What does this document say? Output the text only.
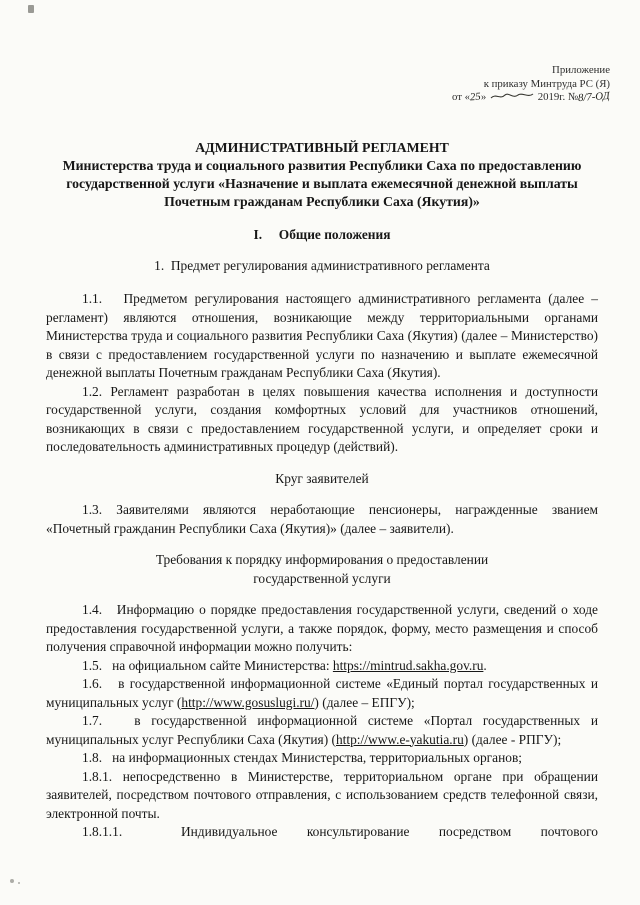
Приложение
к приказу Минтруда РС (Я)
от «25»	2019г. №8/7-ОД
АДМИНИСТРАТИВНЫЙ РЕГЛАМЕНТ
Министерства труда и социального развития Республики Саха по предоставлению государственной услуги «Назначение и выплата ежемесячной денежной выплаты Почетным гражданам Республики Саха (Якутия)»
I.     Общие положения
1.  Предмет регулирования административного регламента

1.1.   Предметом регулирования настоящего административного регламента (далее – регламент) являются отношения, возникающие между территориальными органами Министерства труда и социального развития Республики Саха (Якутия) (далее – Министерство) в связи с предоставлением государственной услуги по назначению и выплате ежемесячной денежной выплаты Почетным гражданам Республики Саха (Якутия).

1.2. Регламент разработан в целях повышения качества исполнения и доступности государственной услуги, создания комфортных условий для участников отношений, возникающих в связи с предоставлением государственной услуги, и определяет сроки и последовательность административных процедур (действий).

Круг заявителей

1.3. Заявителями являются неработающие пенсионеры, награжденные званием «Почетный гражданин Республики Саха (Якутия)» (далее – заявители).

Требования к порядку информирования о предоставлении государственной услуги

1.4.   Информацию о порядке предоставления государственной услуги, сведений о ходе предоставления государственной услуги, а также порядок, форму, место размещения и способ получения справочной информации можно получить:

1.5.   на официальном сайте Министерства: https://mintrud.sakha.gov.ru.

1.6.   в государственной информационной системе «Единый портал государственных и муниципальных услуг (http://www.gosuslugi.ru/) (далее – ЕПГУ);

1.7.   в государственной информационной системе «Портал государственных и муниципальных услуг Республики Саха (Якутия) (http://www.e-yakutia.ru) (далее - РПГУ);

1.8.   на информационных стендах Министерства, территориальных органов;

1.8.1. непосредственно в Министерстве, территориальном органе при обращении заявителей, посредством почтового отправления, с использованием средств телефонной связи, электронной почты.

1.8.1.1.  Индивидуальное консультирование посредством почтового
